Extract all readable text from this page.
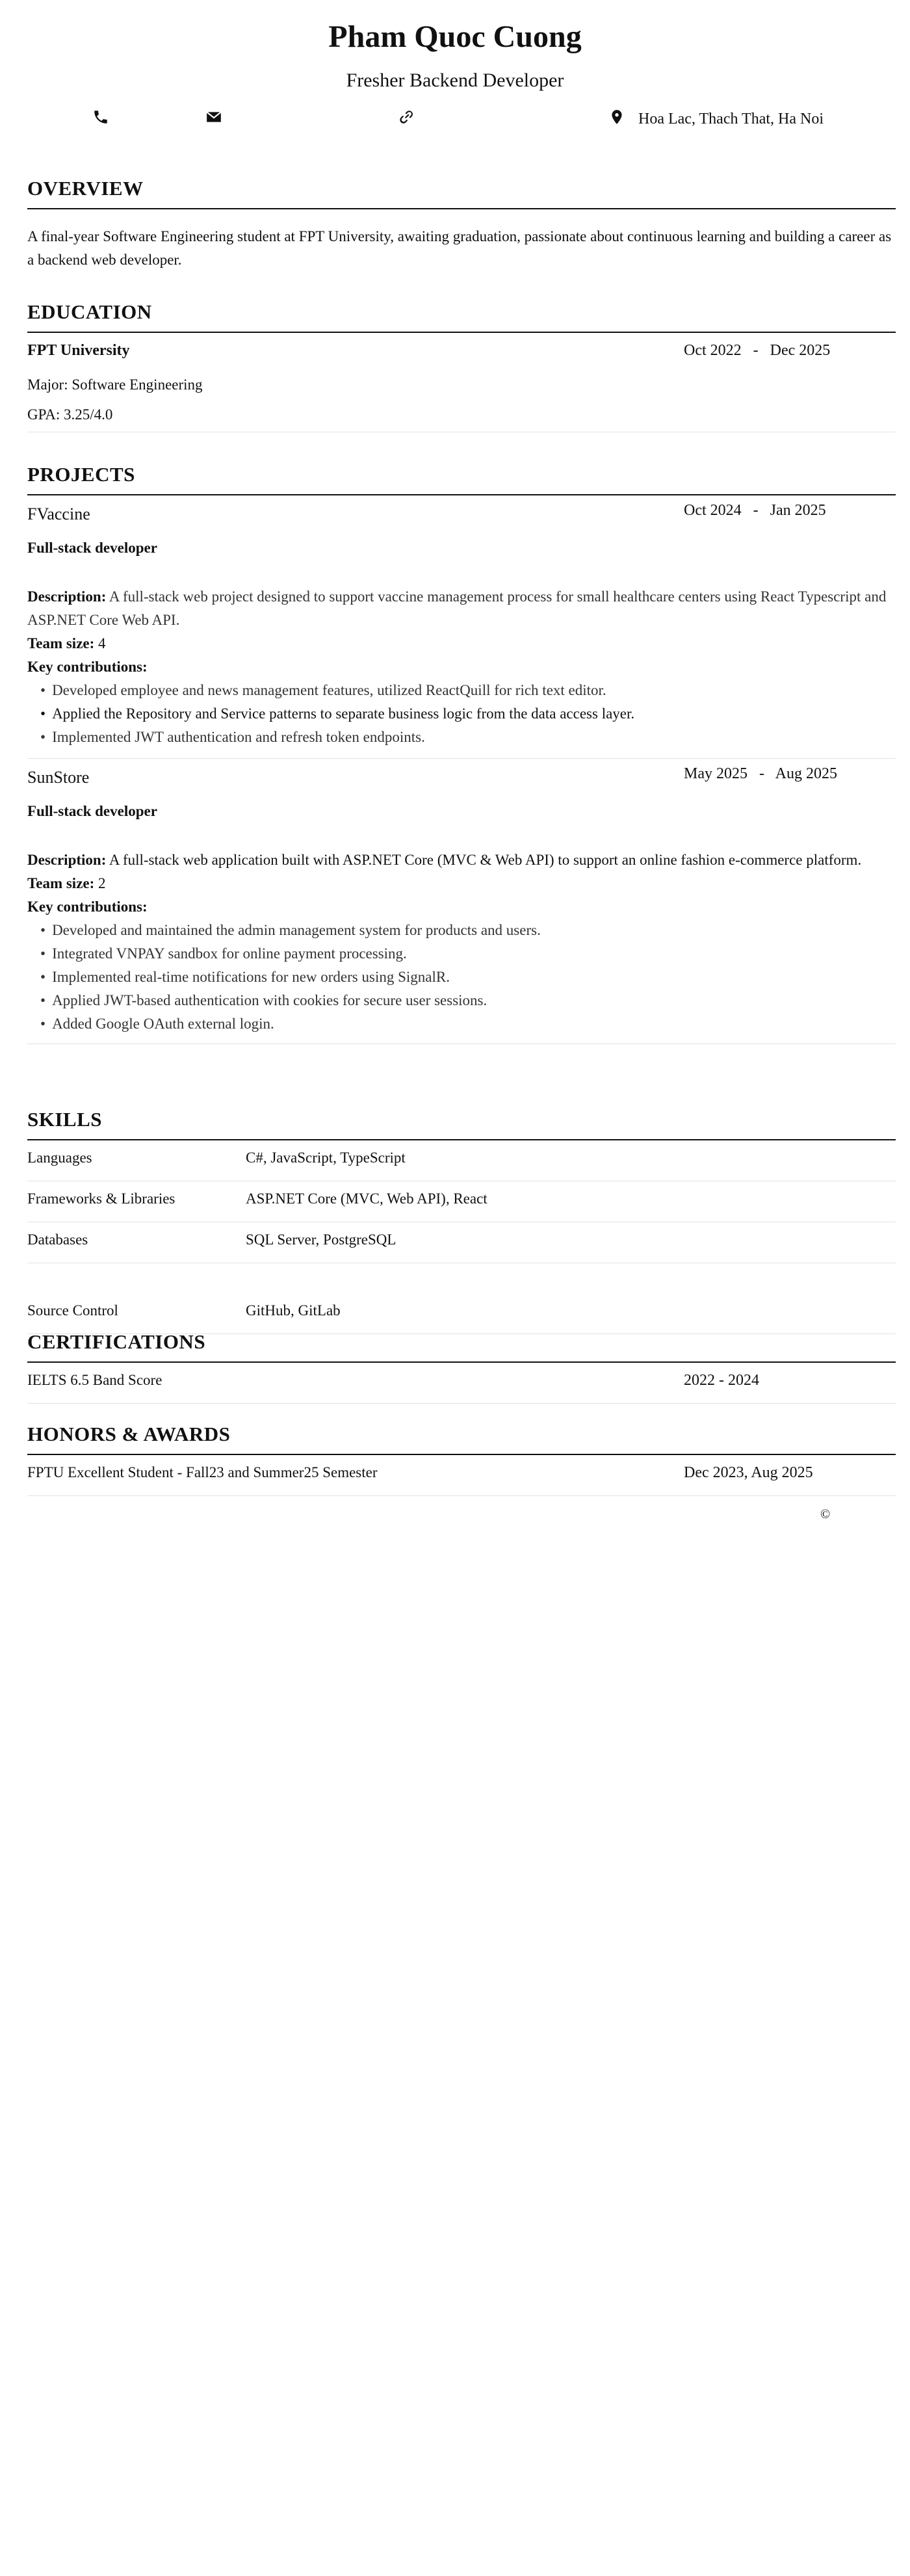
Pham Quoc Cuong
Fresher Backend Developer
Hoa Lac, Thach That, Ha Noi
OVERVIEW
A final-year Software Engineering student at FPT University, awaiting graduation, passionate about continuous learning and building a career as a backend web developer.
EDUCATION
FPT University	Oct 2022   -   Dec 2025
Major: Software Engineering
GPA: 3.25/4.0
PROJECTS
FVaccine	Oct 2024   -   Jan 2025
Full-stack developer
Description: A full-stack web project designed to support vaccine management process for small healthcare centers using React Typescript and ASP.NET Core Web API.
Team size: 4
Key contributions:
• Developed employee and news management features, utilized ReactQuill for rich text editor.
• Applied the Repository and Service patterns to separate business logic from the data access layer.
• Implemented JWT authentication and refresh token endpoints.
SunStore	May 2025   -   Aug 2025
Full-stack developer
Description: A full-stack web application built with ASP.NET Core (MVC & Web API) to support an online fashion e-commerce platform.
Team size: 2
Key contributions:
• Developed and maintained the admin management system for products and users.
• Integrated VNPAY sandbox for online payment processing.
• Implemented real-time notifications for new orders using SignalR.
• Applied JWT-based authentication with cookies for secure user sessions.
• Added Google OAuth external login.
SKILLS
Languages	C#, JavaScript, TypeScript
Frameworks & Libraries	ASP.NET Core (MVC, Web API), React
Databases	SQL Server, PostgreSQL
Source Control	GitHub, GitLab
CERTIFICATIONS
IELTS 6.5 Band Score	2022 - 2024
HONORS & AWARDS
FPTU Excellent Student - Fall23 and Summer25 Semester	Dec 2023, Aug 2025
©
